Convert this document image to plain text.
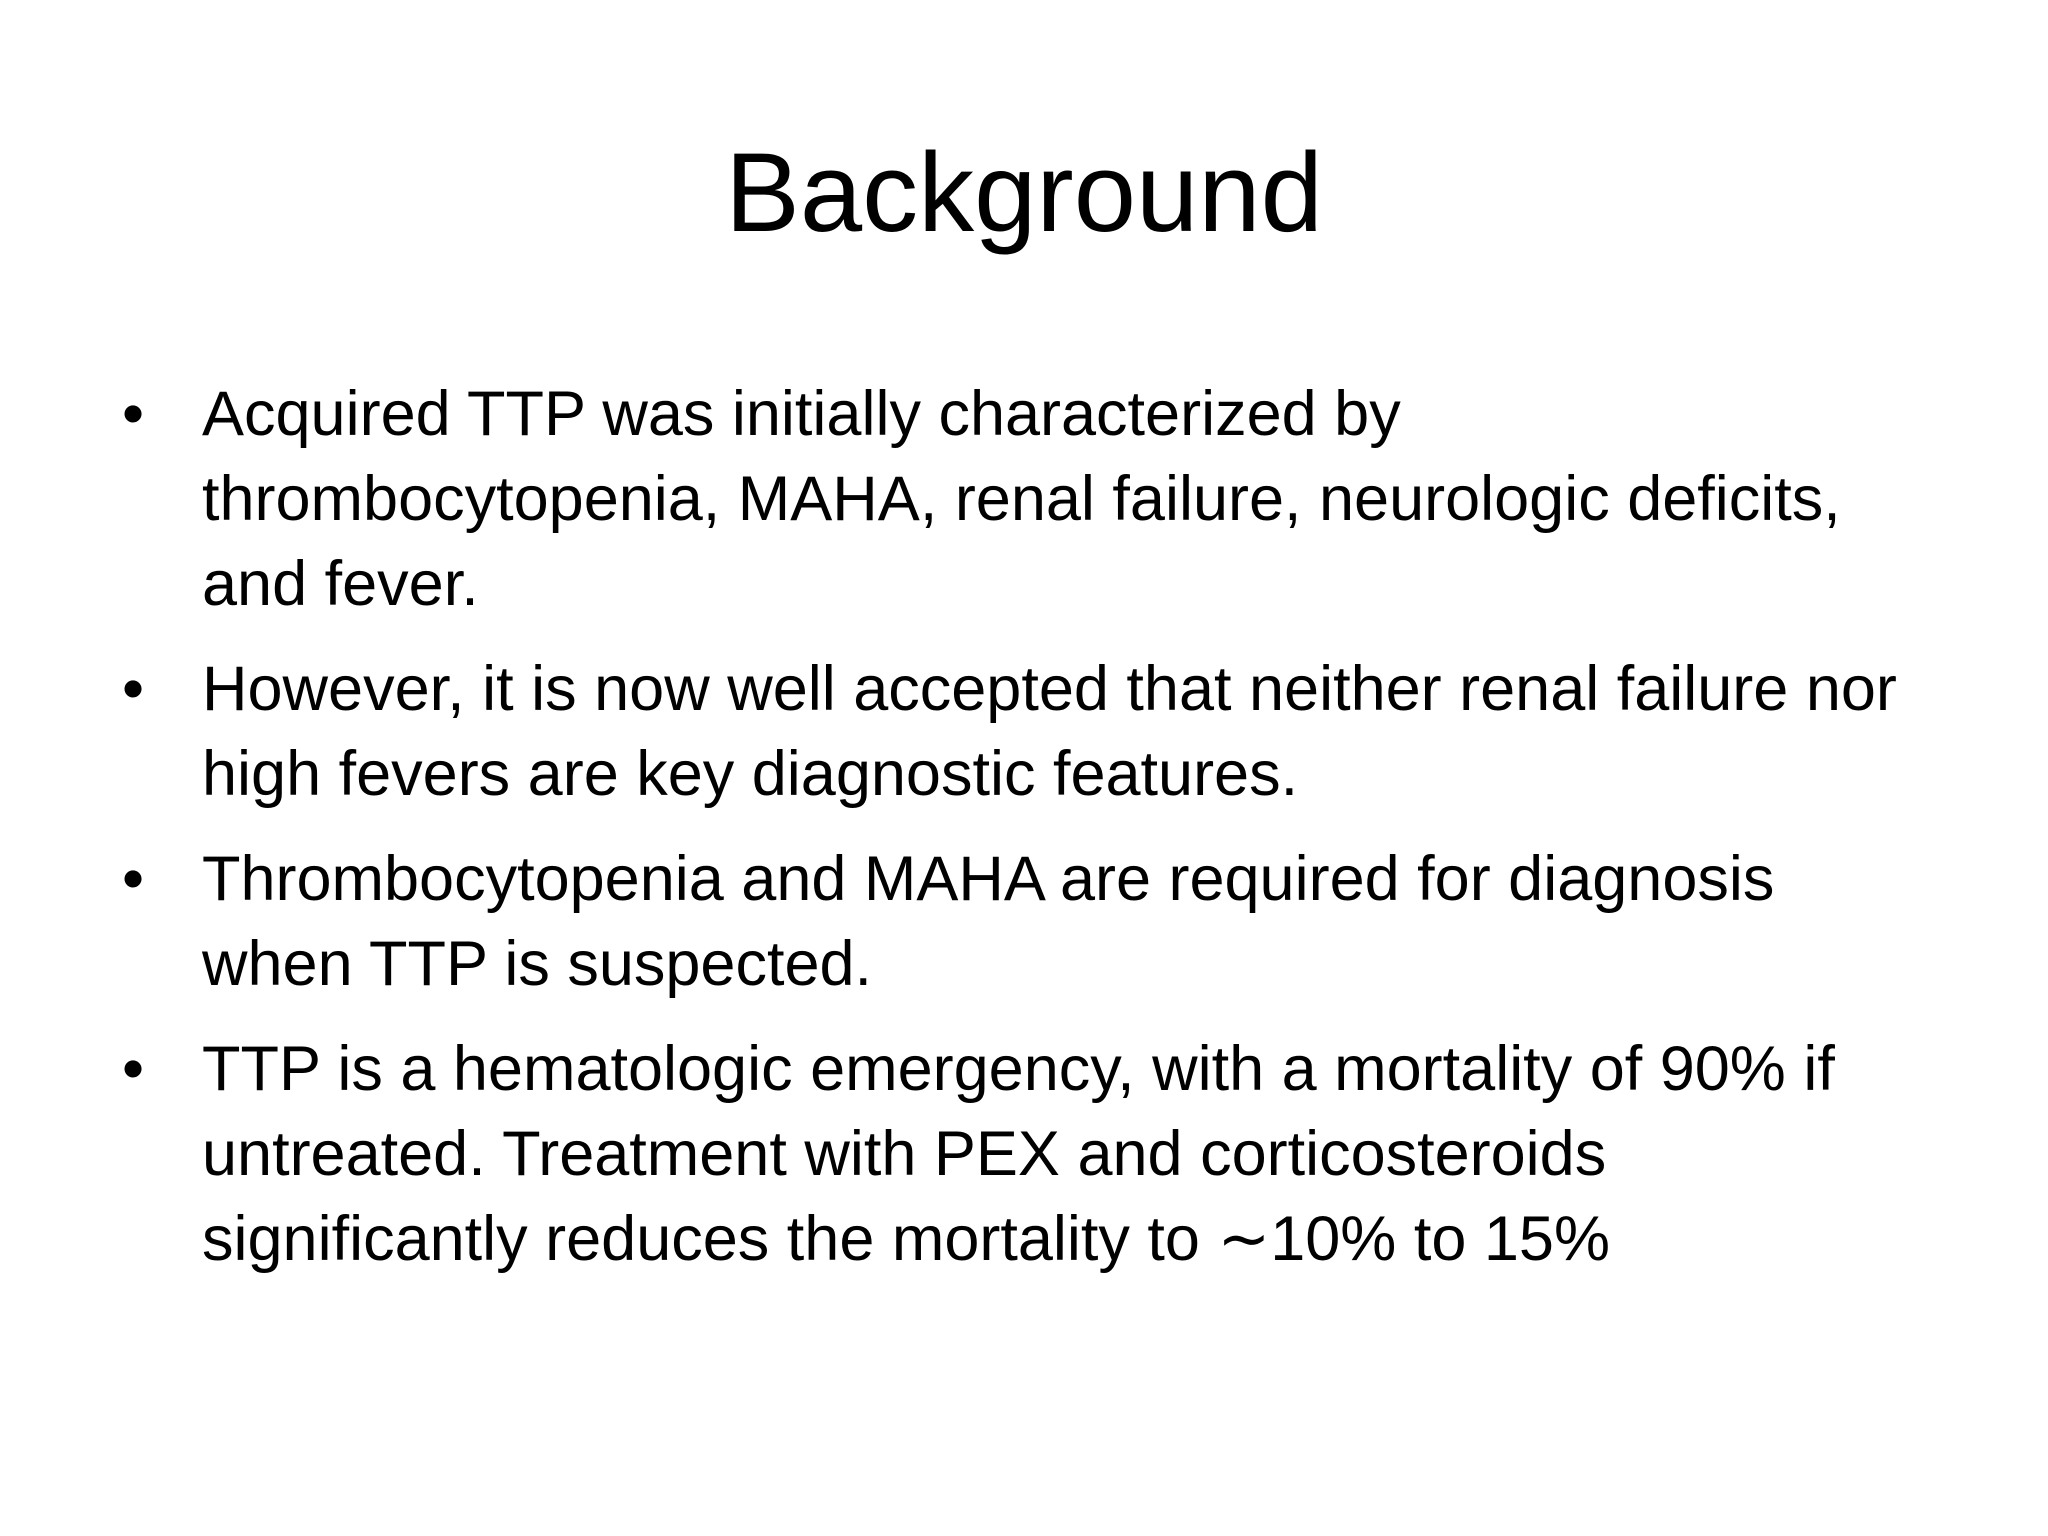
Background
• Acquired TTP was initially characterized by thrombocytopenia, MAHA, renal failure, neurologic deficits, and fever.
• However, it is now well accepted that neither renal failure nor high fevers are key diagnostic features.
• Thrombocytopenia and MAHA are required for diagnosis when TTP is suspected.
• TTP is a hematologic emergency, with a mortality of 90% if untreated. Treatment with PEX and corticosteroids significantly reduces the mortality to ∼10% to 15%
